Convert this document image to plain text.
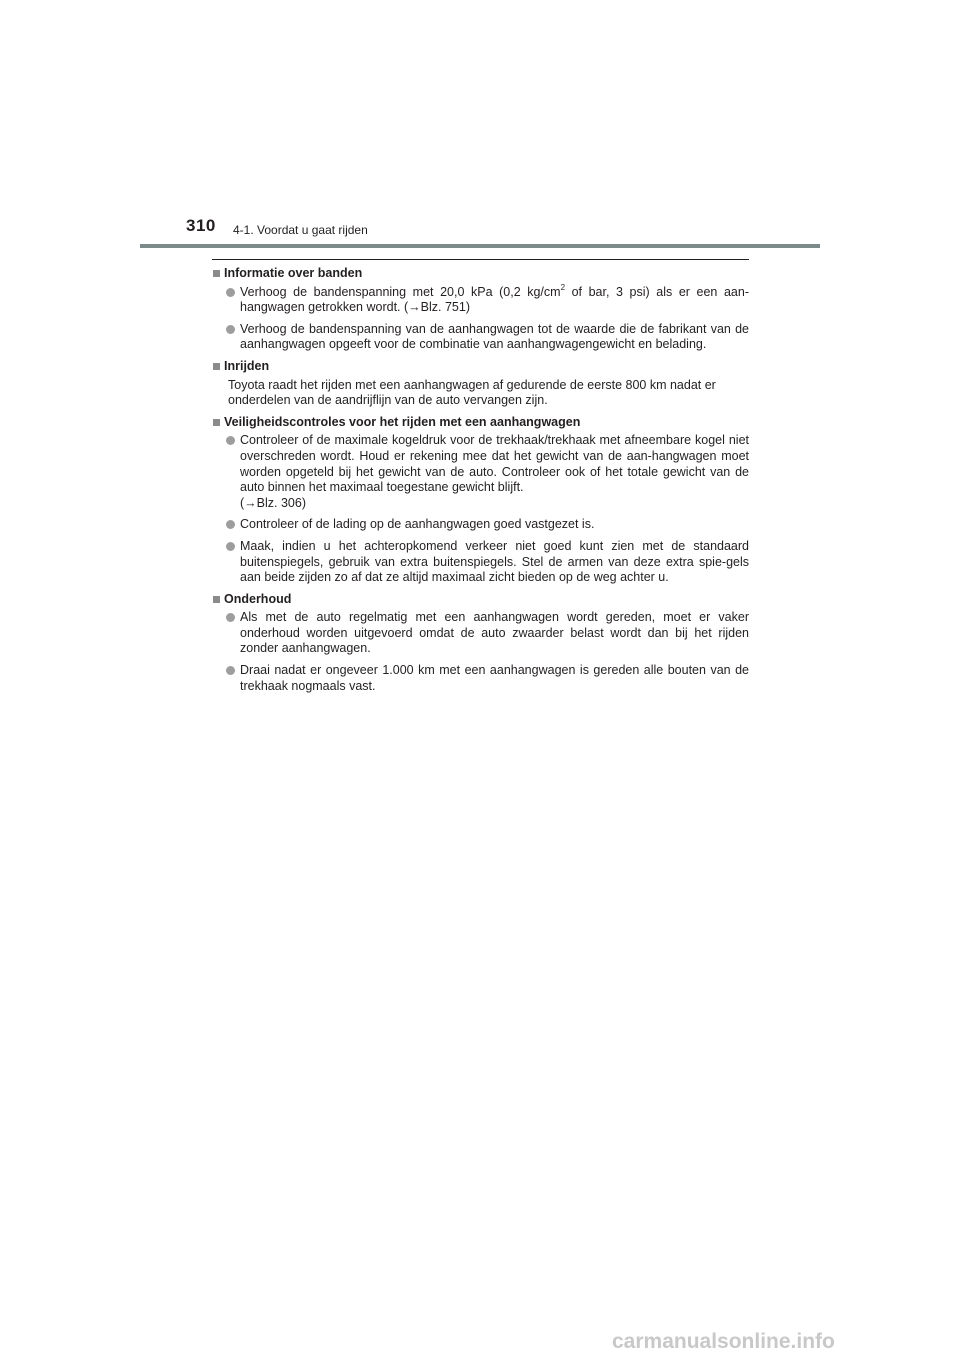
310 4-1. Voordat u gaat rijden
Informatie over banden
Verhoog de bandenspanning met 20,0 kPa (0,2 $kg/cm^2$ of bar, 3 psi) als er een aan-hangwagen getrokken wordt. (→Blz. 751)
Verhoog de bandenspanning van de aanhangwagen tot de waarde die de fabrikant van de aanhangwagen opgeeft voor de combinatie van aanhangwagengewicht en belading.
Inrijden
Toyota raadt het rijden met een aanhangwagen af gedurende de eerste 800 km nadat er onderdelen van de aandrijflijn van de auto vervangen zijn.
Veiligheidscontroles voor het rijden met een aanhangwagen
Controleer of de maximale kogeldruk voor de trekhaak/trekhaak met afneembare kogel niet overschreden wordt. Houd er rekening mee dat het gewicht van de aan-hangwagen moet worden opgeteld bij het gewicht van de auto. Controleer ook of het totale gewicht van de auto binnen het maximaal toegestane gewicht blijft.
(→Blz. 306)
Controleer of de lading op de aanhangwagen goed vastgezet is.
Maak, indien u het achteropkomend verkeer niet goed kunt zien met de standaard buitenspiegels, gebruik van extra buitenspiegels. Stel de armen van deze extra spie-gels aan beide zijden zo af dat ze altijd maximaal zicht bieden op de weg achter u.
Onderhoud
Als met de auto regelmatig met een aanhangwagen wordt gereden, moet er vaker onderhoud worden uitgevoerd omdat de auto zwaarder belast wordt dan bij het rijden zonder aanhangwagen.
Draai nadat er ongeveer 1.000 km met een aanhangwagen is gereden alle bouten van de trekhaak nogmaals vast.
carmanualsonline.info
